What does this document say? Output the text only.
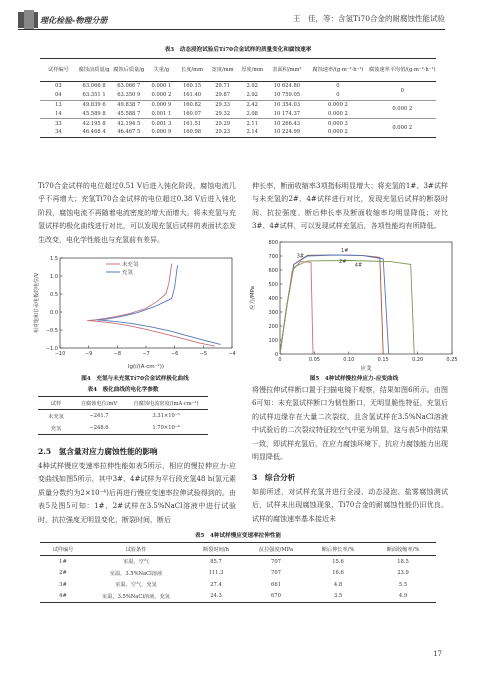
理化检验-物理分册	王　佳，等：含氢Ti70合金的耐腐蚀性能试验
表3　动态浸泡试验后Ti70合金试样的质量变化和腐蚀速率
试样编号	腐蚀前质量/g	腐蚀后质量/g	失重/g	长度/mm	宽度/mm	厚度/mm	表面积/mm²	腐蚀速率/(g·m⁻²·h⁻¹)	腐蚀速率平均值/(g·m⁻²·h⁻¹)
03	63.066 8	63.066 7	0.000 1	160.15	29.71	2.92	10 624.80	0	0
04	63.351 1	63.350 9	0.000 2	161.40	29.87	2.92	10 759.05	0	
13	49.839 6	49.838 7	0.000 9	160.82	29.33	2.42	10 354.03	0.000 2	0.000 2
14	45.589 8	45.588 7	0.001 1	160.07	29.32	2.08	10 174.37	0.000 2	
33	42.195 8	42.194 5	0.001 3	161.51	29.29	2.11	10 266.43	0.000 3	0.000 2
34	46.468 4	46.467 5	0.000 9	160.98	29.23	2.14	10 224.99	0.000 2	
Ti70合金试样的电位超过0.51 V后进入钝化阶段，腐蚀电流几乎不再增大；充氢Ti70合金试样的电位超过0.38 V后进入钝化阶段，腐蚀电流不再随着电流密度的增大而增大。将未充氢与充氢试样的极化曲线进行对比，可以发现充氢后试样的表面状态发生改变，电化学性能也与充氢前有差异。
伸长率，断面收缩率3项指标明显增大；将充氢的1#、3#试样与未充氢的2#、4#试样进行对比，发现充氢后试样的断裂时间、抗拉强度、断后伸长率及断面收缩率均明显降低；对比3#、4#试样，可以发现试样充氢后，各项性能均有所降低。
−10	−9	−8	−7	−6	−5	−4
−1.0
−0.5
0.0
0.5
1.0
1.5
未充氢
充氢
lg(i/(A·cm⁻²))
相对饱和甘汞电极的电位/V
图4　充氢与未充氢Ti70合金试样极化曲线
0	0.05	0.10	0.15	0.20	0.25
0
100
200
300
400
500
600
700
800
1#
2#
3#
4#
应变
应力/MPa
图5　4种试样慢拉伸应力-应变曲线
表4　极化曲线的电化学参数
试样	自腐蚀电位/mV	自腐蚀电流密度/(mA·cm⁻²)
未充氢	−241.7	3.31×10⁻⁵
充氢	−248.6	1.79×10⁻⁴
2.5　氢含量对应力腐蚀性能的影响
4种试样慢应变速率拉伸性能如表5所示，相应的慢拉伸应力-应变曲线如图5所示，其中3#、4#试样为平行段充氢48 h(氢元素质量分数约为2×10⁻⁴)后再进行慢应变速率拉伸试验得到的。由表5及图5可知：1#、2#试样在3.5%NaCl溶液中进行试验时，抗拉强度无明显变化，断裂时间，断后
将慢拉伸试样断口置于扫描电镜下观察，结果如图6所示。由图6可知：未充氢试样断口为韧性断口，无明显脆性特征，充氢后的试样边缘存在大量二次裂纹，且含氢试样在3.5%NaCl溶液中试验后的二次裂纹特征较空气中更为明显，这与表5中的结果一致，即试样充氢后，在应力腐蚀环境下，抗应力腐蚀能力出现明显降低。
3　综合分析
如前所述，对试样充氢并进行全浸、动态浸泡、盐雾腐蚀测试后，试样未出现腐蚀现象，Ti70合金的耐腐蚀性能仍旧优良。试样的腐蚀速率基本接近未
表5　4种试样慢应变速率拉伸性能
试样编号	试验条件	断裂时间/h	抗拉强度/MPa	断后伸长率/%	断面收缩率/%
1#	室温，空气	85.7	707	15.6	18.5
2#	室温，3.5%NaCl溶液	111.3	707	16.6	23.9
3#	室温，空气，充氢	27.4	661	4.8	5.5
4#	室温，3.5%NaCl溶液，充氢	24.3	670	3.5	4.9
17
